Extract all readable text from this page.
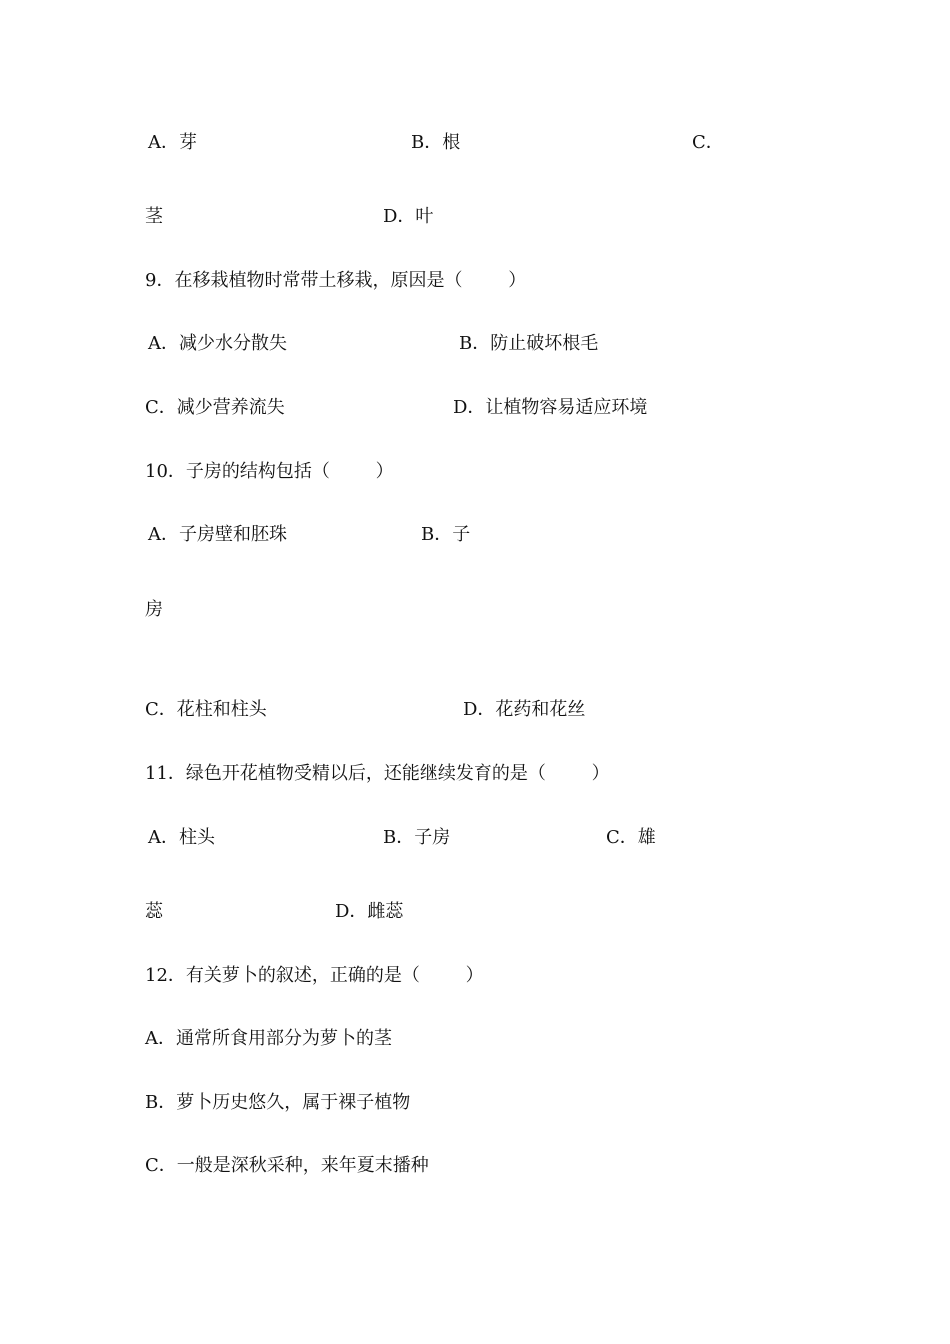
A．芽	B．根	C．
茎	D．叶
9．在移栽植物时常带土移栽，原因是（        ）
A．减少水分散失	B．防止破坏根毛
C．减少营养流失	D．让植物容易适应环境
10．子房的结构包括（        ）
A．子房壁和胚珠	B．子
房
C．花柱和柱头	D．花药和花丝
11．绿色开花植物受精以后，还能继续发育的是（        ）
A．柱头	B．子房	C．雄
蕊	D．雌蕊
12．有关萝卜的叙述，正确的是（        ）
A．通常所食用部分为萝卜的茎
B．萝卜历史悠久，属于裸子植物
C．一般是深秋采种，来年夏末播种
